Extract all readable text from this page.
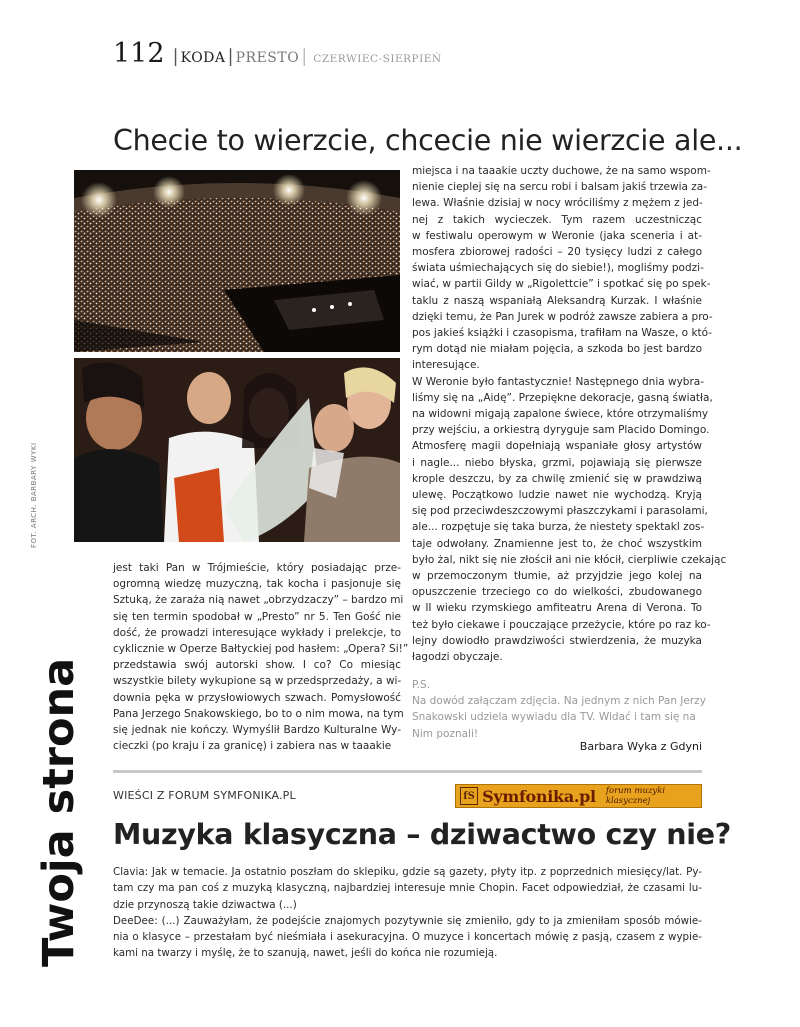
112 | KODA | PRESTO | CZERWIEC-SIERPIEŃ
Twoja strona
FOT. ARCH. BARBARY WYKI
Checie to wierzcie, chcecie nie wierzcie ale...
miejsca i na taaakie uczty duchowe, że na samo wspom-
nienie cieplej się na sercu robi i balsam jakiś trzewia za-
lewa. Właśnie dzisiaj w nocy wróciliśmy z mężem z jed-
nej z takich wycieczek. Tym razem uczestnicząc
w festiwalu operowym w Weronie (jaka sceneria i at-
mosfera zbiorowej radości – 20 tysięcy ludzi z całego
świata uśmiechających się do siebie!), mogliśmy podzi-
wiać, w partii Gildy w „Rigolettcie” i spotkać się po spek-
taklu z naszą wspaniałą Aleksandrą Kurzak. I właśnie
dzięki temu, że Pan Jurek w podróż zawsze zabiera a pro-
pos jakieś książki i czasopisma, trafiłam na Wasze, o któ-
rym dotąd nie miałam pojęcia, a szkoda bo jest bardzo
interesujące.
W Weronie było fantastycznie! Następnego dnia wybra-
liśmy się na „Aidę”. Przepiękne dekoracje, gasną światła,
na widowni migają zapalone świece, które otrzymaliśmy
przy wejściu, a orkiestrą dyryguje sam Placido Domingo.
Atmosferę magii dopełniają wspaniałe głosy artystów
i nagle... niebo błyska, grzmi, pojawiają się pierwsze
krople deszczu, by za chwilę zmienić się w prawdziwą
ulewę. Początkowo ludzie nawet nie wychodzą. Kryją
się pod przeciwdeszczowymi płaszczykami i parasolami,
ale... rozpętuje się taka burza, że niestety spektakl zos-
taje odwołany. Znamienne jest to, że choć wszystkim
było żal, nikt się nie złościł ani nie kłócił, cierpliwie czekając
w przemoczonym tłumie, aż przyjdzie jego kolej na
opuszczenie trzeciego co do wielkości, zbudowanego
w II wieku rzymskiego amfiteatru Arena di Verona. To
też było ciekawe i pouczające przeżycie, które po raz ko-
lejny dowiodło prawdziwości stwierdzenia, że muzyka
łagodzi obyczaje.
jest taki Pan w Trójmieście, który posiadając prze-
ogromną wiedzę muzyczną, tak kocha i pasjonuje się
Sztuką, że zaraża nią nawet „obrzydzaczy” – bardzo mi
się ten termin spodobał w „Presto” nr 5. Ten Gość nie
dość, że prowadzi interesujące wykłady i prelekcje, to
cyklicznie w Operze Bałtyckiej pod hasłem: „Opera? Si!”
przedstawia swój autorski show. I co? Co miesiąc
wszystkie bilety wykupione są w przedsprzedaży, a wi-
downia pęka w przysłowiowych szwach. Pomysłowość
Pana Jerzego Snakowskiego, bo to o nim mowa, na tym
się jednak nie kończy. Wymyślił Bardzo Kulturalne Wy-
cieczki (po kraju i za granicę) i zabiera nas w taaakie
P.S.
Na dowód załączam zdjęcia. Na jednym z nich Pan Jerzy
Snakowski udziela wywiadu dla TV. Widać i tam się na
Nim poznali!
Barbara Wyka z Gdyni
WIEŚCI Z FORUM SYMFONIKA.PL	fS Symfonika.pl forum muzyki klasycznej
Muzyka klasyczna – dziwactwo czy nie?
Clavia: Jak w temacie. Ja ostatnio poszłam do sklepiku, gdzie są gazety, płyty itp. z poprzednich miesięcy/lat. Py-
tam czy ma pan coś z muzyką klasyczną, najbardziej interesuje mnie Chopin. Facet odpowiedział, że czasami lu-
dzie przynoszą takie dziwactwa (...)
DeeDee: (...) Zauważyłam, że podejście znajomych pozytywnie się zmieniło, gdy to ja zmieniłam sposób mówie-
nia o klasyce – przestałam być nieśmiała i asekuracyjna. O muzyce i koncertach mówię z pasją, czasem z wypie-
kami na twarzy i myślę, że to szanują, nawet, jeśli do końca nie rozumieją.
